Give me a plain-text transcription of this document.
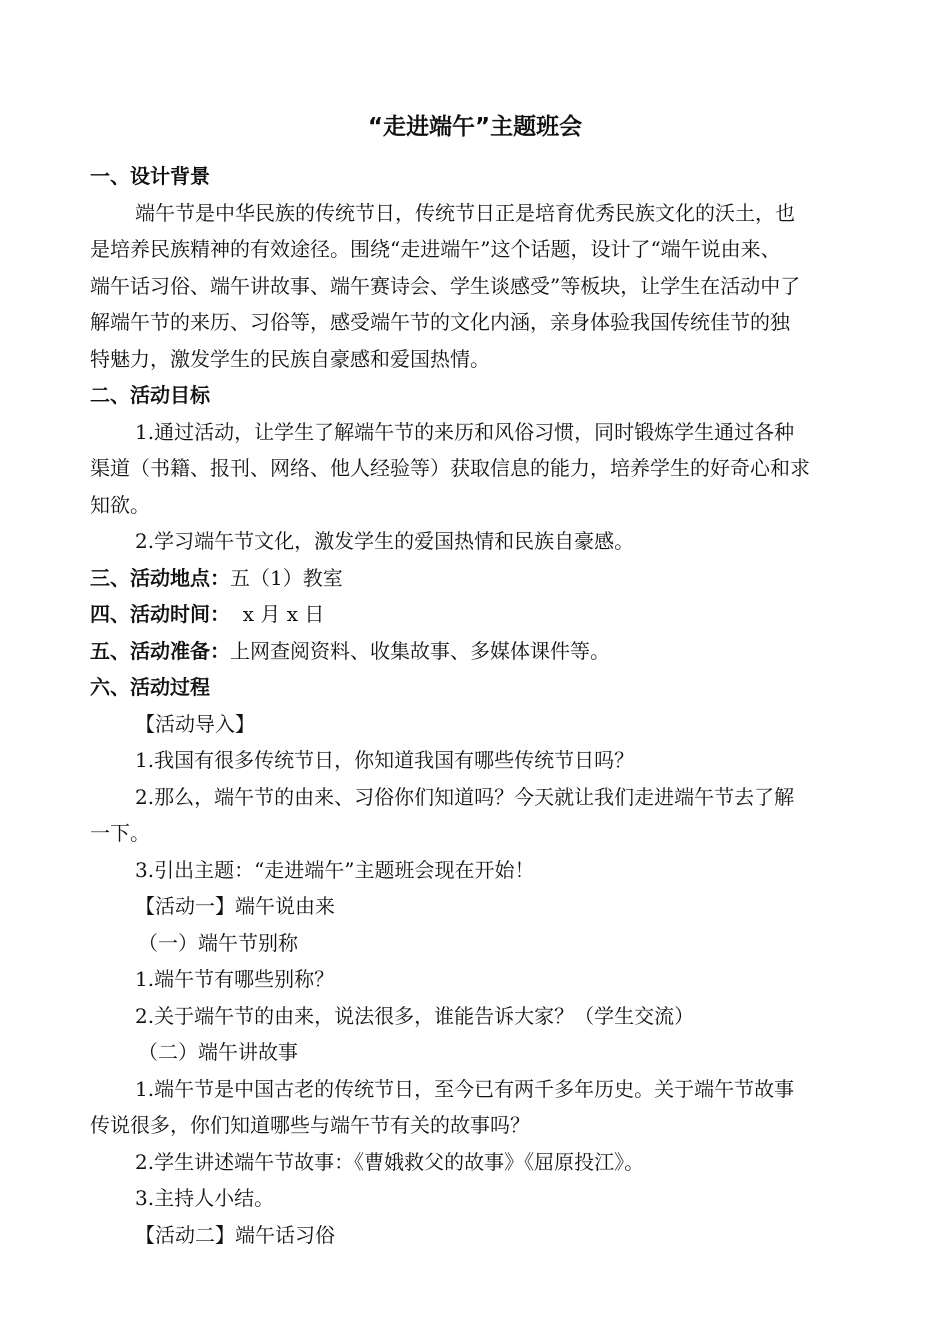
“走进端午”主题班会
一、设计背景
端午节是中华民族的传统节日，传统节日正是培育优秀民族文化的沃土，也
是培养民族精神的有效途径。围绕“走进端午”这个话题，设计了“端午说由来、
端午话习俗、端午讲故事、端午赛诗会、学生谈感受”等板块，让学生在活动中了
解端午节的来历、习俗等，感受端午节的文化内涵，亲身体验我国传统佳节的独
特魅力，激发学生的民族自豪感和爱国热情。
二、活动目标
1.通过活动，让学生了解端午节的来历和风俗习惯，同时锻炼学生通过各种
渠道（书籍、报刊、网络、他人经验等）获取信息的能力，培养学生的好奇心和求
知欲。
2.学习端午节文化，激发学生的爱国热情和民族自豪感。
三、活动地点：五（1）教室
四、活动时间：  x 月 x 日
五、活动准备：上网查阅资料、收集故事、多媒体课件等。
六、活动过程
【活动导入】
1.我国有很多传统节日，你知道我国有哪些传统节日吗？
2.那么，端午节的由来、习俗你们知道吗？今天就让我们走进端午节去了解
一下。
3.引出主题：“走进端午”主题班会现在开始！
【活动一】端午说由来
（一）端午节别称
1.端午节有哪些别称？
2.关于端午节的由来，说法很多，谁能告诉大家？（学生交流）
（二）端午讲故事
1.端午节是中国古老的传统节日，至今已有两千多年历史。关于端午节故事
传说很多，你们知道哪些与端午节有关的故事吗？
2.学生讲述端午节故事：《曹娥救父的故事》《屈原投江》。
3.主持人小结。
【活动二】端午话习俗
